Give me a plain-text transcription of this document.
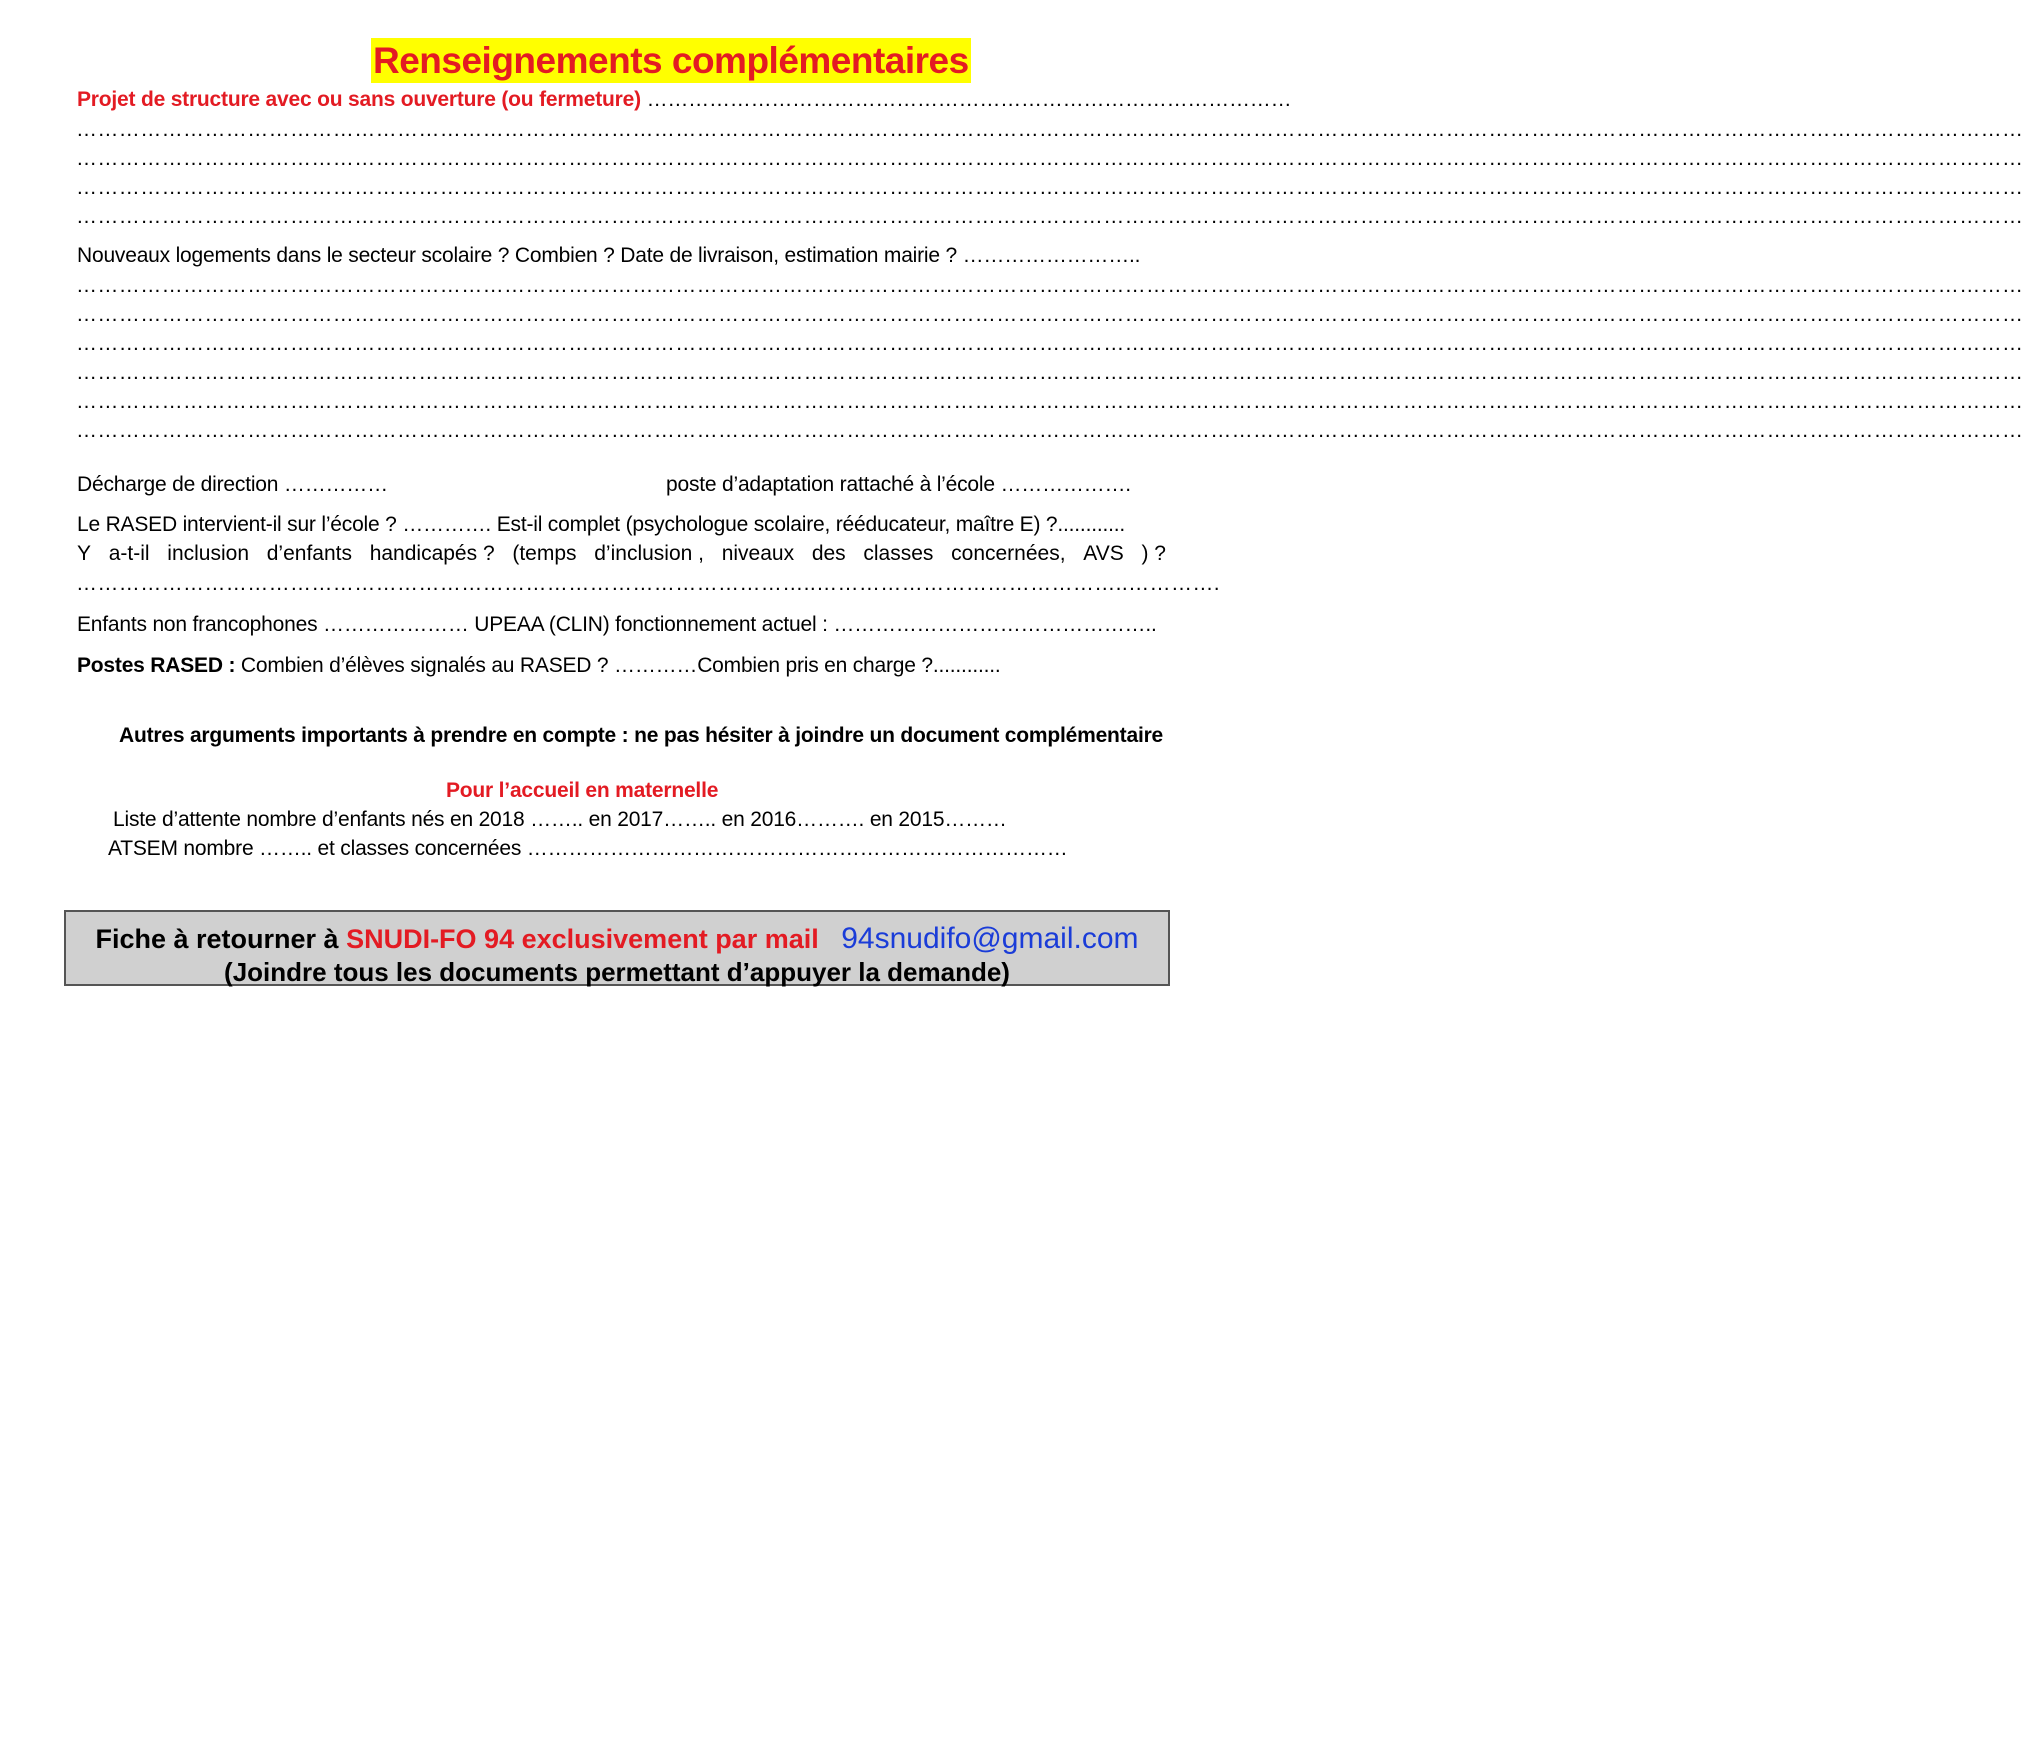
Renseignements complémentaires
Projet de structure avec ou sans ouverture (ou fermeture) …………………………………………………………………………………
…………………………………………………………………………………………………………………………………………………………………………………………………………………………………………………
…………………………………………………………………………………………………………………………………………………………………………………………………………………………………………………
…………………………………………………………………………………………………………………………………………………………………………………………………………………………………………………
…………………………………………………………………………………………………………………………………………………………………………………………………………………………………………………
Nouveaux logements dans le secteur scolaire ? Combien ? Date de livraison, estimation mairie ? ……………………..
…………………………………………………………………………………………………………………………………………………………………………………………………………………………………………………
…………………………………………………………………………………………………………………………………………………………………………………………………………………………………………………
…………………………………………………………………………………………………………………………………………………………………………………………………………………………………………………
…………………………………………………………………………………………………………………………………………………………………………………………………………………………………………………
…………………………………………………………………………………………………………………………………………………………………………………………………………………………………………………
…………………………………………………………………………………………………………………………………………………………………………………………………………………………………………………
Décharge de direction ……………	poste d’adaptation rattaché à l’école ……………….
Le RASED intervient-il sur l’école ? …………. Est-il complet (psychologue scolaire, rééducateur, maître E) ?............
Y a-t-il inclusion d’enfants handicapés ? (temps d’inclusion , niveaux des classes concernées, AVS ) ?
…………………………………………………………………………………………..……………………………………..………….
Enfants non francophones ………………… UPEAA (CLIN) fonctionnement actuel : ………………………………………..
Postes RASED : Combien d’élèves signalés au RASED ? …………Combien pris en charge ?............
Autres arguments importants à prendre en compte : ne pas hésiter à joindre un document complémentaire
Pour l’accueil en maternelle
Liste d’attente nombre d’enfants nés en 2018 …….. en 2017…….. en 2016………. en 2015………
ATSEM nombre …….. et classes concernées ……………………………………………………………………
Fiche à retourner à SNUDI-FO 94 exclusivement par mail 94snudifo@gmail.com
(Joindre tous les documents permettant d’appuyer la demande)
